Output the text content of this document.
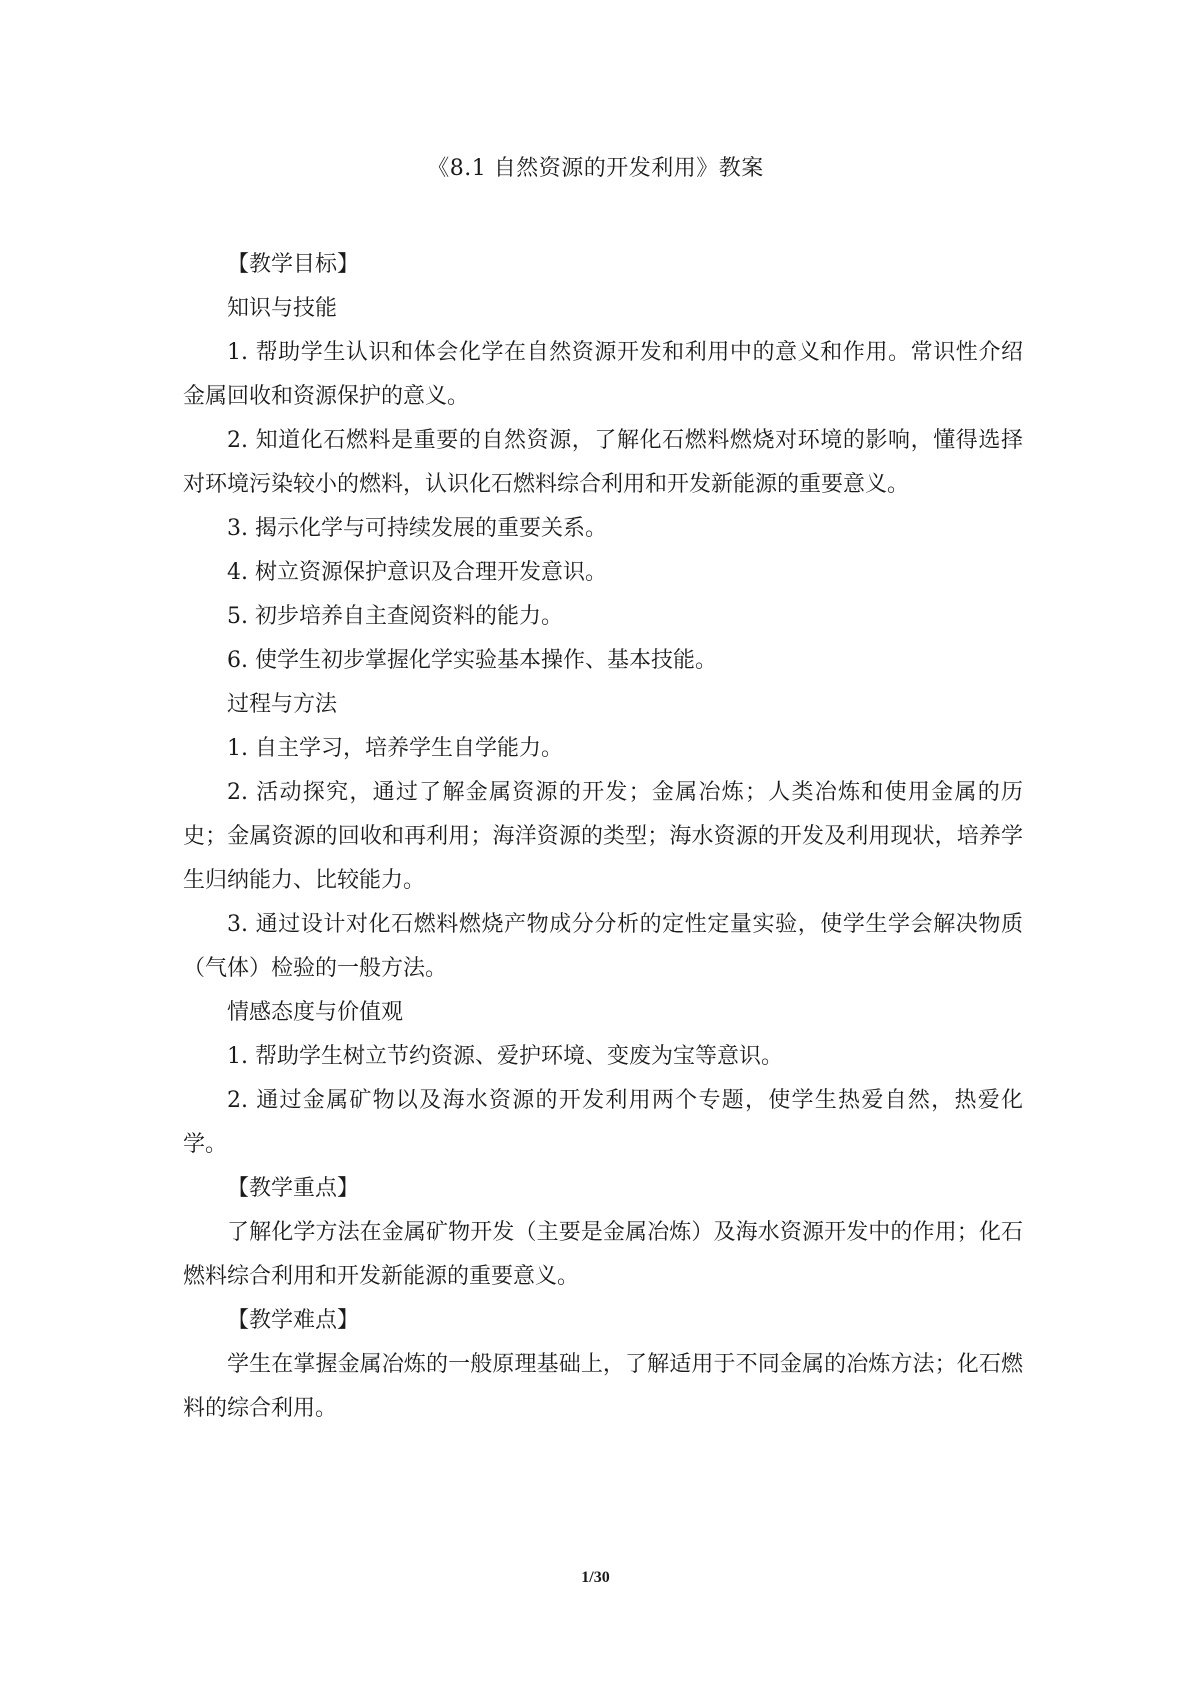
《8.1 自然资源的开发利用》教案

【教学目标】

知识与技能

1. 帮助学生认识和体会化学在自然资源开发和利用中的意义和作用。常识性介绍金属回收和资源保护的意义。

2. 知道化石燃料是重要的自然资源，了解化石燃料燃烧对环境的影响，懂得选择对环境污染较小的燃料，认识化石燃料综合利用和开发新能源的重要意义。

3. 揭示化学与可持续发展的重要关系。

4. 树立资源保护意识及合理开发意识。

5. 初步培养自主查阅资料的能力。

6. 使学生初步掌握化学实验基本操作、基本技能。

过程与方法

1. 自主学习，培养学生自学能力。

2. 活动探究，通过了解金属资源的开发；金属冶炼；人类冶炼和使用金属的历史；金属资源的回收和再利用；海洋资源的类型；海水资源的开发及利用现状，培养学生归纳能力、比较能力。

3. 通过设计对化石燃料燃烧产物成分分析的定性定量实验，使学生学会解决物质（气体）检验的一般方法。

情感态度与价值观

1. 帮助学生树立节约资源、爱护环境、变废为宝等意识。

2. 通过金属矿物以及海水资源的开发利用两个专题，使学生热爱自然，热爱化学。

【教学重点】

了解化学方法在金属矿物开发（主要是金属冶炼）及海水资源开发中的作用；化石燃料综合利用和开发新能源的重要意义。

【教学难点】

学生在掌握金属冶炼的一般原理基础上，了解适用于不同金属的冶炼方法；化石燃料的综合利用。

1/30
